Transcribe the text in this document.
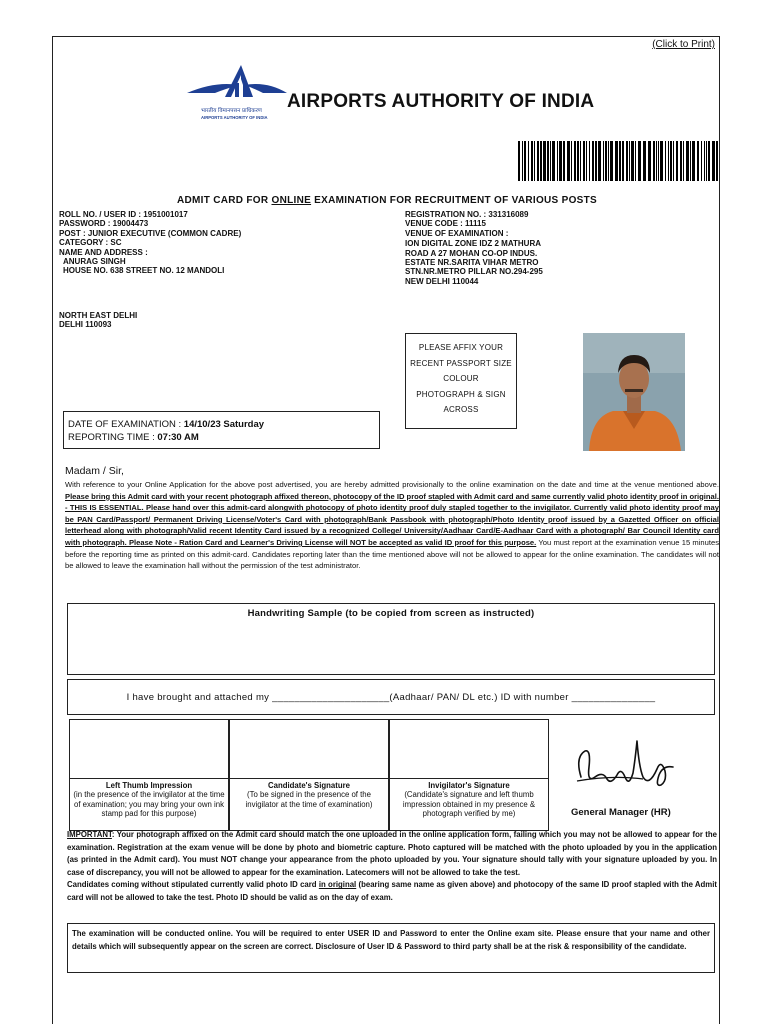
(Click to Print)
भारतीय विमानपत्तन प्राधिकरण
AIRPORTS AUTHORITY OF INDIA
AIRPORTS AUTHORITY OF INDIA
ADMIT CARD FOR ONLINE EXAMINATION FOR RECRUITMENT OF VARIOUS POSTS
ROLL NO. / USER ID : 1951001017
PASSWORD : 19004473
POST : JUNIOR EXECUTIVE (COMMON CADRE)
CATEGORY : SC
NAME AND ADDRESS :
ANURAG SINGH
HOUSE NO. 638 STREET NO. 12 MANDOLI
NORTH EAST DELHI
DELHI 110093
REGISTRATION NO. : 331316089
VENUE CODE : 11115
VENUE OF EXAMINATION :
ION DIGITAL ZONE IDZ 2 MATHURA
ROAD A 27 MOHAN CO-OP INDUS.
ESTATE NR.SARITA VIHAR METRO
STN.NR.METRO PILLAR NO.294-295
NEW DELHI 110044
PLEASE AFFIX YOUR
RECENT PASSPORT SIZE
COLOUR
PHOTOGRAPH & SIGN
ACROSS
DATE OF EXAMINATION : 14/10/23 Saturday
REPORTING TIME : 07:30 AM
Madam / Sir,
With reference to your Online Application for the above post advertised, you are hereby admitted provisionally to the online examination on the date and time at the venue mentioned above. Please bring this Admit card with your recent photograph affixed thereon, photocopy of the ID proof stapled with Admit card and same currently valid photo identity proof in original. - THIS IS ESSENTIAL. Please hand over this admit-card alongwith photocopy of photo identity proof duly stapled together to the invigilator. Currently valid photo identity proof may be PAN Card/Passport/ Permanent Driving License/Voter's Card with photograph/Bank Passbook with photograph/Photo Identity proof issued by a Gazetted Officer on official letterhead along with photograph/Valid recent Identity Card issued by a recognized College/ University/Aadhaar Card/E-Aadhaar Card with a photograph/ Bar Council Identity card with photograph. Please Note - Ration Card and Learner's Driving License will NOT be accepted as valid ID proof for this purpose. You must report at the examination venue 15 minutes before the reporting time as printed on this admit-card. Candidates reporting later than the time mentioned above will not be allowed to appear for the online examination. The candidates will not be allowed to leave the examination hall without the permission of the test administrator.
Handwriting Sample (to be copied from screen as instructed)
I have brought and attached my _____________________(Aadhaar/ PAN/ DL etc.) ID with number _______________
Left Thumb Impression
(in the presence of the invigilator at the time of examination; you may bring your own ink stamp pad for this purpose)
Candidate's Signature
(To be signed in the presence of the invigilator at the time of examination)
Invigilator's Signature
(Candidate's signature and left thumb impression obtained in my presence & photograph verified by me)	General Manager (HR)
IMPORTANT: Your photograph affixed on the Admit card should match the one uploaded in the online application form, failing which you may not be allowed to appear for the examination. Registration at the exam venue will be done by photo and biometric capture. Photo captured will be matched with the photo uploaded by you in the application (as printed in the Admit card). You must NOT change your appearance from the photo uploaded by you. Your signature should tally with your signature uploaded by you. In case of discrepancy, you will not be allowed to appear for the examination. Latecomers will not be allowed to take the test.
Candidates coming without stipulated currently valid photo ID card in original (bearing same name as given above) and photocopy of the same ID proof stapled with the Admit card will not be allowed to take the test. Photo ID should be valid as on the day of exam.
The examination will be conducted online. You will be required to enter USER ID and Password to enter the Online exam site. Please ensure that your name and other details which will subsequently appear on the screen are correct. Disclosure of User ID & Password to third party shall be at the risk & responsibility of the candidate.
